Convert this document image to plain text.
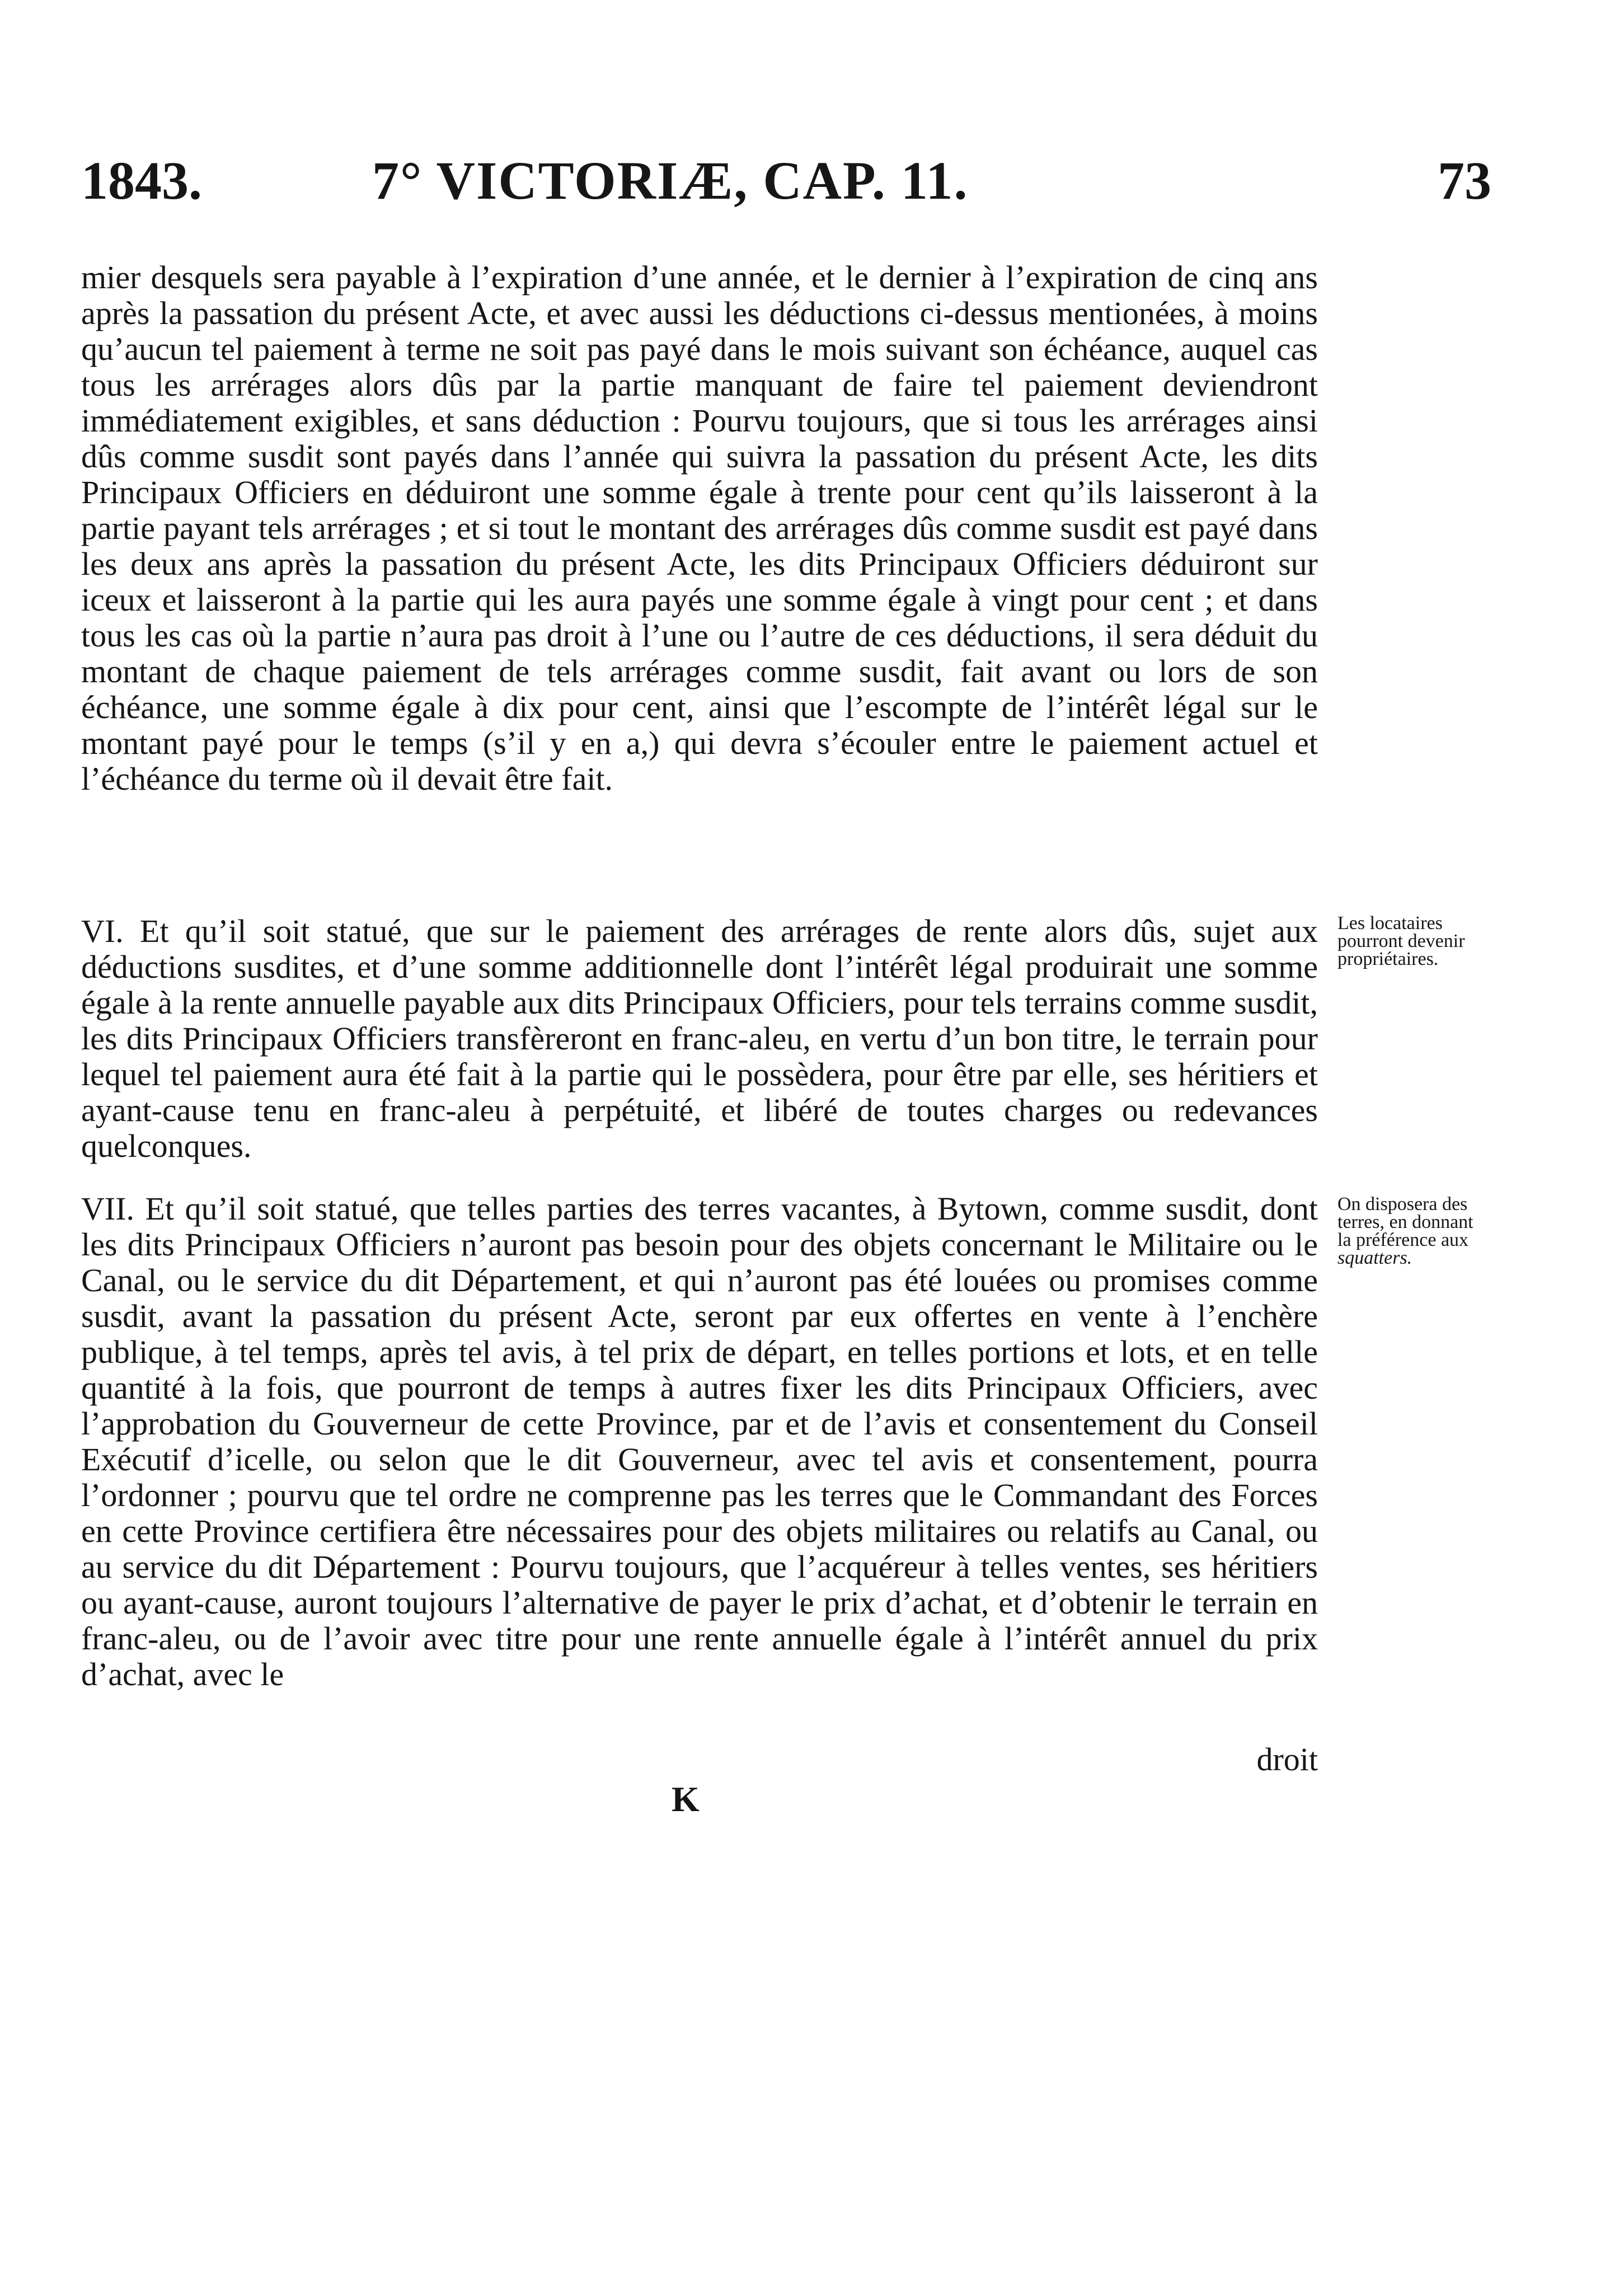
1843.	7° VICTORIÆ, CAP. 11.	73
mier desquels sera payable à l’expiration d’une année, et le dernier à l’expiration de cinq ans après la passation du présent Acte, et avec aussi les déductions ci-dessus mentionées, à moins qu’aucun tel paiement à terme ne soit pas payé dans le mois suivant son échéance, auquel cas tous les arrérages alors dûs par la partie manquant de faire tel paiement deviendront immédiatement exigibles, et sans déduction : Pourvu toujours, que si tous les arrérages ainsi dûs comme susdit sont payés dans l’année qui suivra la passation du présent Acte, les dits Principaux Officiers en déduiront une somme égale à trente pour cent qu’ils laisseront à la partie payant tels arrérages ; et si tout le montant des arrérages dûs comme susdit est payé dans les deux ans après la passation du présent Acte, les dits Principaux Officiers déduiront sur iceux et laisseront à la partie qui les aura payés une somme égale à vingt pour cent ; et dans tous les cas où la partie n’aura pas droit à l’une ou l’autre de ces déductions, il sera déduit du montant de chaque paiement de tels arrérages comme susdit, fait avant ou lors de son échéance, une somme égale à dix pour cent, ainsi que l’escompte de l’intérêt légal sur le montant payé pour le temps (s’il y en a,) qui devra s’écouler entre le paiement actuel et l’échéance du terme où il devait être fait.
VI. Et qu’il soit statué, que sur le paiement des arrérages de rente alors dûs, sujet aux déductions susdites, et d’une somme additionnelle dont l’intérêt légal produirait une somme égale à la rente annuelle payable aux dits Principaux Officiers, pour tels terrains comme susdit, les dits Principaux Officiers transfèreront en franc-aleu, en vertu d’un bon titre, le terrain pour lequel tel paiement aura été fait à la partie qui le possèdera, pour être par elle, ses héritiers et ayant-cause tenu en franc-aleu à perpétuité, et libéré de toutes charges ou redevances quelconques.
Les locataires pourront devenir propriétaires.
VII. Et qu’il soit statué, que telles parties des terres vacantes, à Bytown, comme susdit, dont les dits Principaux Officiers n’auront pas besoin pour des objets concernant le Militaire ou le Canal, ou le service du dit Département, et qui n’auront pas été louées ou promises comme susdit, avant la passation du présent Acte, seront par eux offertes en vente à l’enchère publique, à tel temps, après tel avis, à tel prix de départ, en telles portions et lots, et en telle quantité à la fois, que pourront de temps à autres fixer les dits Principaux Officiers, avec l’approbation du Gouverneur de cette Province, par et de l’avis et consentement du Conseil Exécutif d’icelle, ou selon que le dit Gouverneur, avec tel avis et consentement, pourra l’ordonner ; pourvu que tel ordre ne comprenne pas les terres que le Commandant des Forces en cette Province certifiera être nécessaires pour des objets militaires ou relatifs au Canal, ou au service du dit Département : Pourvu toujours, que l’acquéreur à telles ventes, ses héritiers ou ayant-cause, auront toujours l’alternative de payer le prix d’achat, et d’obtenir le terrain en franc-aleu, ou de l’avoir avec titre pour une rente annuelle égale à l’intérêt annuel du prix d’achat, avec le
On disposera des terres, en donnant la préférence aux squatters.
droit
K
